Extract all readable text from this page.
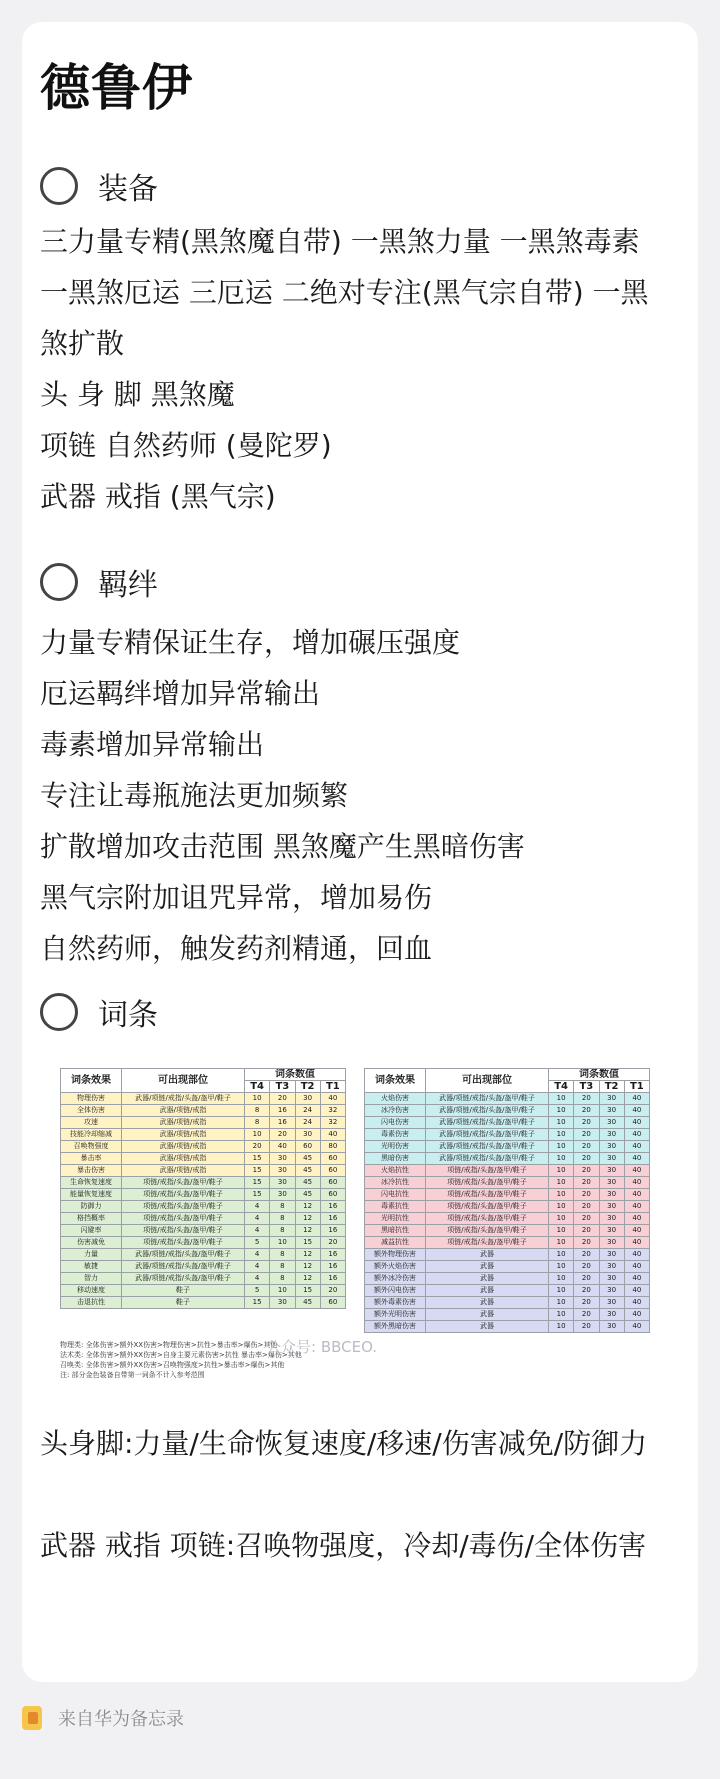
德鲁伊
装备
三力量专精(黑煞魔自带) 一黑煞力量 一黑煞毒素 一黑煞厄运 三厄运 二绝对专注(黑气宗自带) 一黑煞扩散
头 身 脚 黑煞魔
项链 自然药师 (曼陀罗)
武器 戒指 (黑气宗)
羁绊
力量专精保证生存，增加碾压强度
厄运羁绊增加异常输出
毒素增加异常输出
专注让毒瓶施法更加频繁
扩散增加攻击范围 黑煞魔产生黑暗伤害
黑气宗附加诅咒异常，增加易伤
自然药师，触发药剂精通，回血
词条
词条效果	可出现部位	词条数值			
		T4	T3	T2	T1
物理伤害	武器/项链/戒指/头盔/盔甲/鞋子	10	20	30	40
全体伤害	武器/项链/戒指	8	16	24	32
攻速	武器/项链/戒指	8	16	24	32
技能冷却缩减	武器/项链/戒指	10	20	30	40
召唤物强度	武器/项链/戒指	20	40	60	80
暴击率	武器/项链/戒指	15	30	45	60
暴击伤害	武器/项链/戒指	15	30	45	60
生命恢复速度	项链/戒指/头盔/盔甲/鞋子	15	30	45	60
能量恢复速度	项链/戒指/头盔/盔甲/鞋子	15	30	45	60
防御力	项链/戒指/头盔/盔甲/鞋子	4	8	12	16
格挡概率	项链/戒指/头盔/盔甲/鞋子	4	8	12	16
闪避率	项链/戒指/头盔/盔甲/鞋子	4	8	12	16
伤害减免	项链/戒指/头盔/盔甲/鞋子	5	10	15	20
力量	武器/项链/戒指/头盔/盔甲/鞋子	4	8	12	16
敏捷	武器/项链/戒指/头盔/盔甲/鞋子	4	8	12	16
智力	武器/项链/戒指/头盔/盔甲/鞋子	4	8	12	16
移动速度	鞋子	5	10	15	20
击退抗性	鞋子	15	30	45	60
词条效果	可出现部位	词条数值			
		T4	T3	T2	T1
火焰伤害	武器/项链/戒指/头盔/盔甲/鞋子	10	20	30	40
冰冷伤害	武器/项链/戒指/头盔/盔甲/鞋子	10	20	30	40
闪电伤害	武器/项链/戒指/头盔/盔甲/鞋子	10	20	30	40
毒素伤害	武器/项链/戒指/头盔/盔甲/鞋子	10	20	30	40
光明伤害	武器/项链/戒指/头盔/盔甲/鞋子	10	20	30	40
黑暗伤害	武器/项链/戒指/头盔/盔甲/鞋子	10	20	30	40
火焰抗性	项链/戒指/头盔/盔甲/鞋子	10	20	30	40
冰冷抗性	项链/戒指/头盔/盔甲/鞋子	10	20	30	40
闪电抗性	项链/戒指/头盔/盔甲/鞋子	10	20	30	40
毒素抗性	项链/戒指/头盔/盔甲/鞋子	10	20	30	40
光明抗性	项链/戒指/头盔/盔甲/鞋子	10	20	30	40
黑暗抗性	项链/戒指/头盔/盔甲/鞋子	10	20	30	40
减益抗性	项链/戒指/头盔/盔甲/鞋子	10	20	30	40
额外物理伤害	武器	10	20	30	40
额外火焰伤害	武器	10	20	30	40
额外冰冷伤害	武器	10	20	30	40
额外闪电伤害	武器	10	20	30	40
额外毒素伤害	武器	10	20	30	40
额外光明伤害	武器	10	20	30	40
额外黑暗伤害	武器	10	20	30	40
物理类: 全体伤害>额外XX伤害>物理伤害>抗性>暴击率>爆伤>其他
法术类: 全体伤害>额外XX伤害>自身主要元素伤害>抗性 暴击率>爆伤>其他
召唤类: 全体伤害>额外XX伤害>召唤物强度>抗性>暴击率>爆伤>其他
注: 部分金色装备自带第一词条不计入参考范围
公众号: BBCEO.
头身脚:力量/生命恢复速度/移速/伤害减免/防御力
武器 戒指 项链:召唤物强度，冷却/毒伤/全体伤害
来自华为备忘录
